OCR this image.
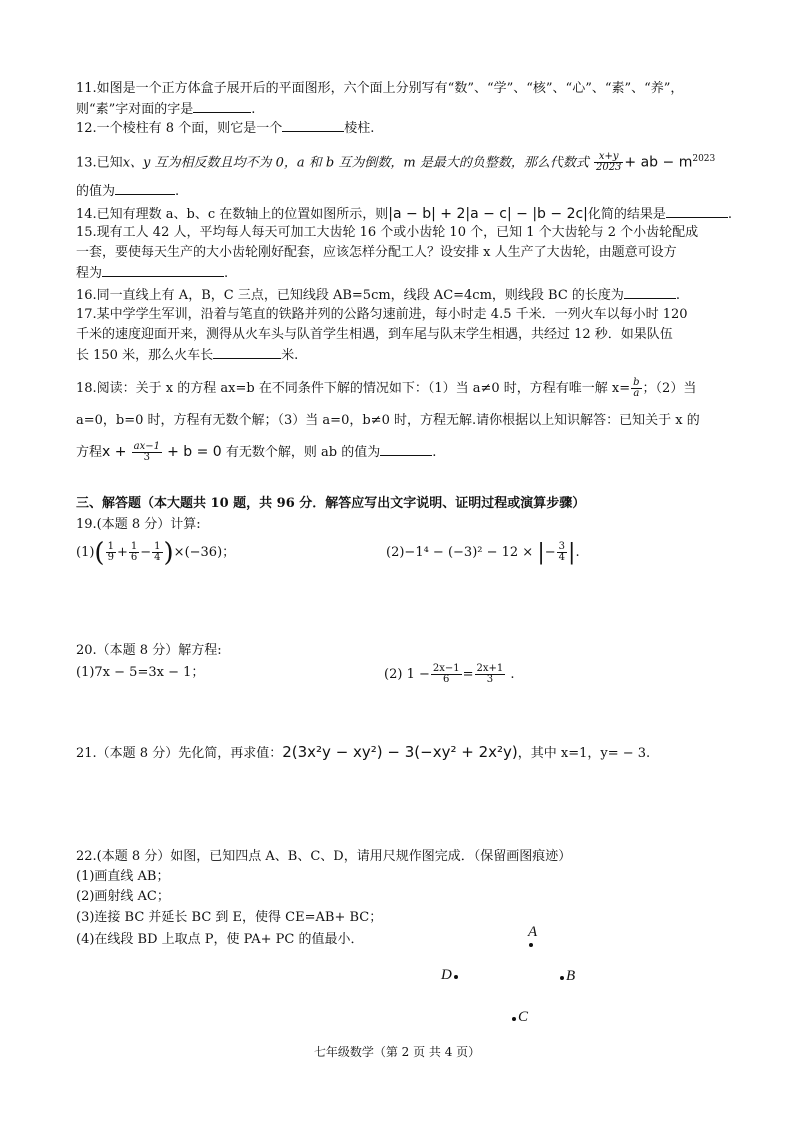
11.如图是一个正方体盒子展开后的平面图形，六个面上分别写有“数”、“学”、“核”、“心”、“素”、“养”，
则“素”字对面的字是	.
12.一个棱柱有 8 个面，则它是一个	棱柱.
13.已知x、y 互为相反数且均不为 0，a 和 b 互为倒数，m 是最大的负整数，那么代数式 $\frac{x+y}{2023}$ + ab − $m^{2023}$
的值为	.
14.已知有理数 a、b、c 在数轴上的位置如图所示，则|a − b| + 2|a − c| − |b − 2c|化简的结果是	.
15.现有工人 42 人，平均每人每天可加工大齿轮 16 个或小齿轮 10 个，已知 1 个大齿轮与 2 个小齿轮配成
一套，要使每天生产的大小齿轮刚好配套，应该怎样分配工人？设安排 x 人生产了大齿轮，由题意可设方
程为	.
16.同一直线上有 A，B，C 三点，已知线段 AB=5cm，线段 AC=4cm，则线段 BC 的长度为	.
17.某中学学生军训，沿着与笔直的铁路并列的公路匀速前进，每小时走 4.5 千米．一列火车以每小时 120
千米的速度迎面开来，测得从火车头与队首学生相遇，到车尾与队末学生相遇，共经过 12 秒．如果队伍
长 150 米，那么火车长	米.
18.阅读：关于 x 的方程 ax=b 在不同条件下解的情况如下：（1）当 a≠0 时，方程有唯一解 $x= \frac{b}{a}$ ；（2）当
a=0，b=0 时，方程有无数个解；（3）当 a=0，b≠0 时，方程无解.请你根据以上知识解答：已知关于 x 的
方程$x + \frac{ax-1}{3} + b = 0$ 有无数个解，则 ab 的值为	.
三、解答题（本大题共 10 题，共 96 分．解答应写出文字说明、证明过程或演算步骤）
19.(本题 8 分）计算:
$(1)( \frac{1}{9} + \frac{1}{6} - \frac{1}{4} )\times(-36)$；	(2)−1⁴ − (−3)² − 12 × |− $\frac{3}{4}$ |.
20.（本题 8 分）解方程:
(1)7x − 5=3x − 1；	(2) $1 - \frac{2x-1}{6} = \frac{2x+1}{3}$ .
21.（本题 8 分）先化简，再求值：2(3x²y − xy²) − 3(−xy² + 2x²y)，其中 x=1，y= − 3.
22.(本题 8 分）如图，已知四点 A、B、C、D，请用尺规作图完成．（保留画图痕迹）
(1)画直线 AB；
(2)画射线 AC；
(3)连接 BC 并延长 BC 到 E，使得 CE=AB+ BC；
(4)在线段 BD 上取点 P，使 PA+ PC 的值最小．	A
D	B
C
七年级数学（第 2 页 共 4 页）
